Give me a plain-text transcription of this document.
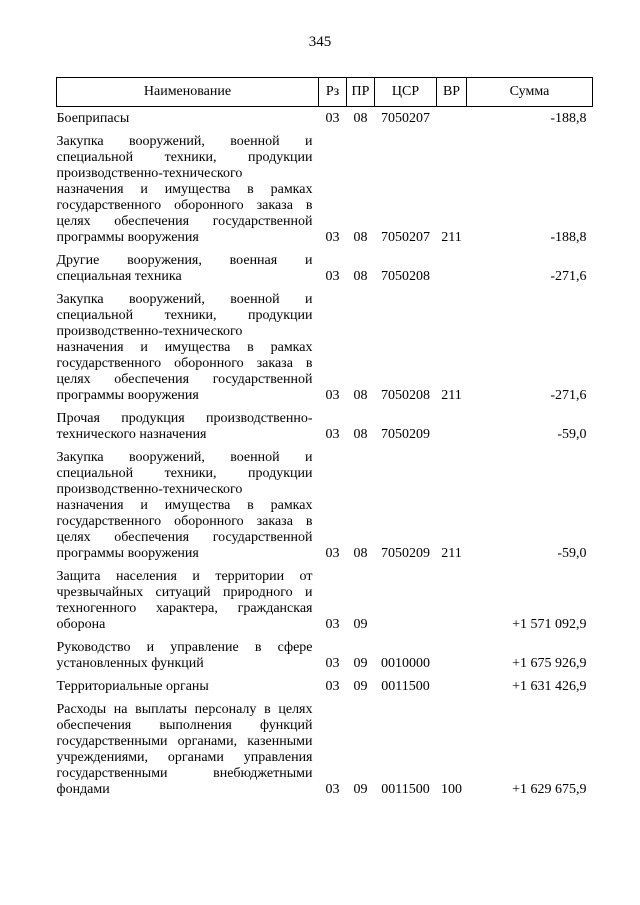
345
Наименование	Рз	ПР	ЦСР	ВР	Сумма
Боеприпасы	03	08	7050207		-188,8
Закупка вооружений, военной и специальной техники, продукции производственно-технического назначения и имущества в рамках государственного оборонного заказа в целях обеспечения государственной программы вооружения	03	08	7050207	211	-188,8
Другие вооружения, военная и специальная техника	03	08	7050208		-271,6
Закупка вооружений, военной и специальной техники, продукции производственно-технического назначения и имущества в рамках государственного оборонного заказа в целях обеспечения государственной программы вооружения	03	08	7050208	211	-271,6
Прочая продукция производственно-технического назначения	03	08	7050209		-59,0
Закупка вооружений, военной и специальной техники, продукции производственно-технического назначения и имущества в рамках государственного оборонного заказа в целях обеспечения государственной программы вооружения	03	08	7050209	211	-59,0
Защита населения и территории от чрезвычайных ситуаций природного и техногенного характера, гражданская оборона	03	09			+1 571 092,9
Руководство и управление в сфере установленных функций	03	09	0010000		+1 675 926,9
Территориальные органы	03	09	0011500		+1 631 426,9
Расходы на выплаты персоналу в целях обеспечения выполнения функций государственными органами, казенными учреждениями, органами управления государственными внебюджетными фондами	03	09	0011500	100	+1 629 675,9
